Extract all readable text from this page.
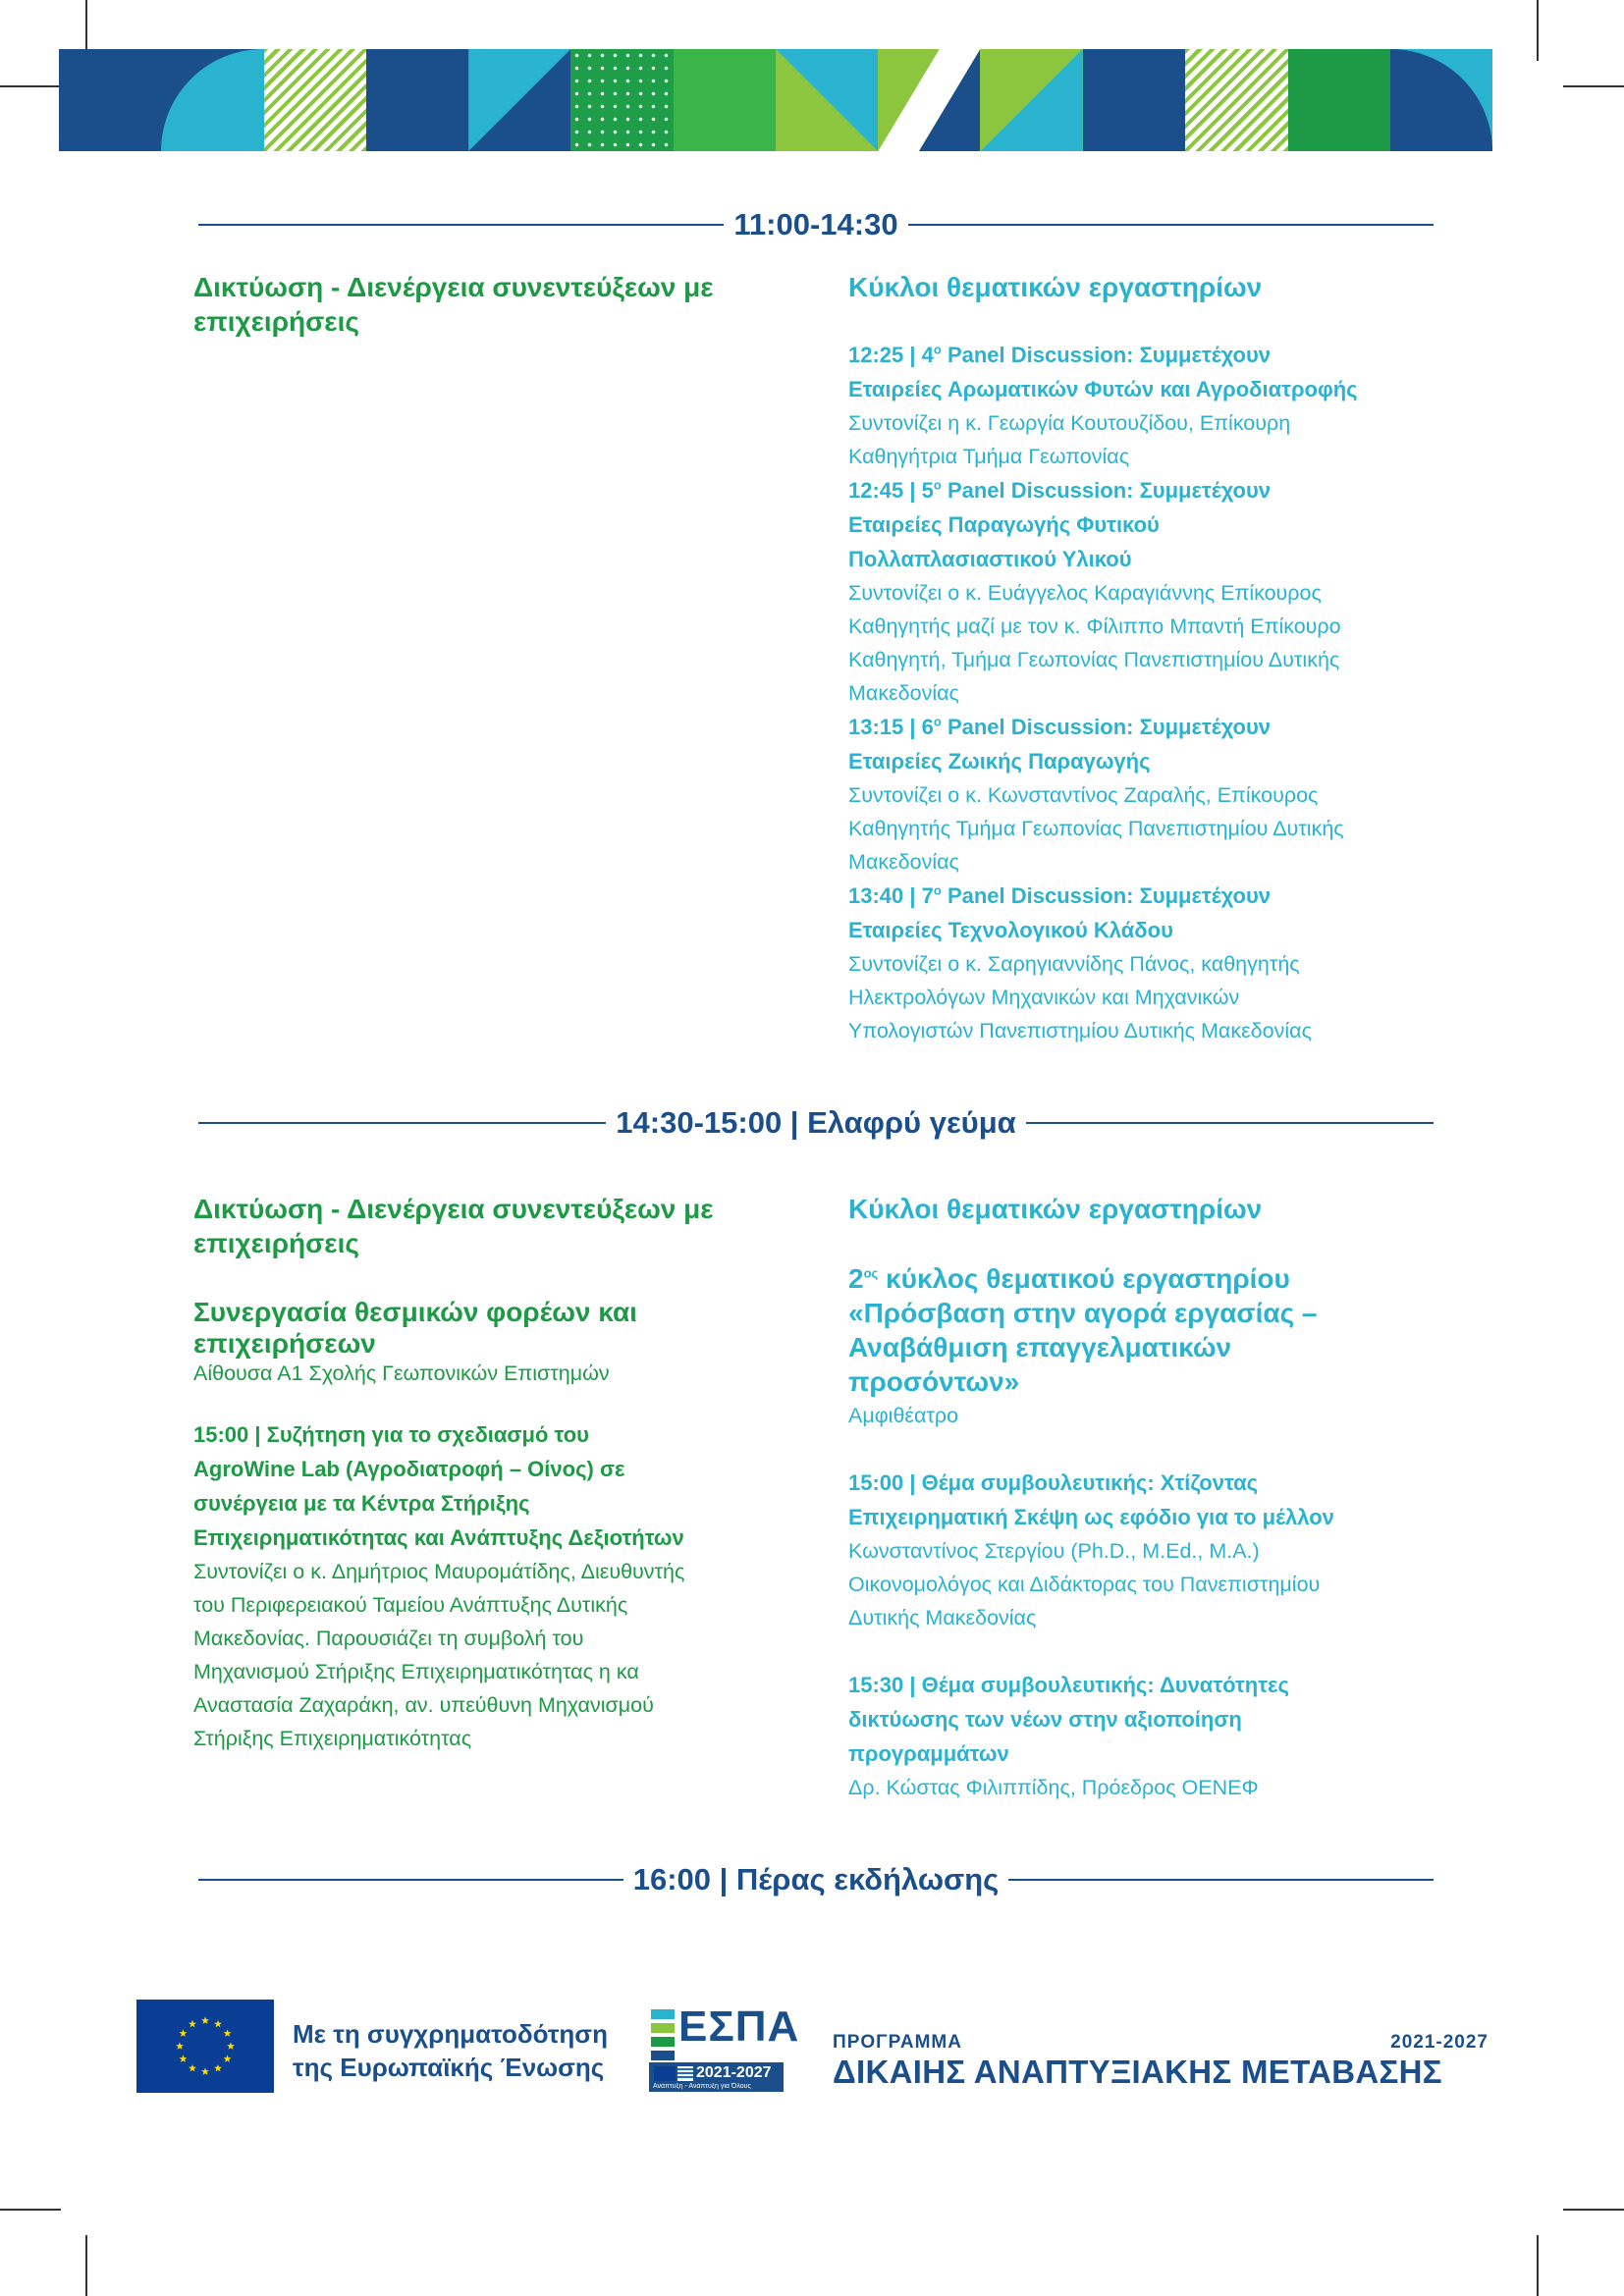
11:00-14:30
Δικτύωση - Διενέργεια συνεντεύξεων με
επιχειρήσεις
Κύκλοι θεματικών εργαστηρίων
12:25 | $4^o$ Panel Discussion: Συμμετέχουν
Εταιρείες Αρωματικών Φυτών και Αγροδιατροφής
Συντονίζει η κ. Γεωργία Κουτουζίδου, Επίκουρη
Καθηγήτρια Τμήμα Γεωπονίας
12:45 | $5^o$ Panel Discussion: Συμμετέχουν
Εταιρείες Παραγωγής Φυτικού
Πολλαπλασιαστικού Υλικού
Συντονίζει ο κ. Ευάγγελος Καραγιάννης Επίκουρος
Καθηγητής μαζί με τον κ. Φίλιππο Μπαντή Επίκουρο
Καθηγητή, Τμήμα Γεωπονίας Πανεπιστημίου Δυτικής
Μακεδονίας
13:15 | $6^o$ Panel Discussion: Συμμετέχουν
Εταιρείες Ζωικής Παραγωγής
Συντονίζει ο κ. Κωνσταντίνος Ζαραλής, Επίκουρος
Καθηγητής Τμήμα Γεωπονίας Πανεπιστημίου Δυτικής
Μακεδονίας
13:40 | $7^o$ Panel Discussion: Συμμετέχουν
Εταιρείες Τεχνολογικού Κλάδου
Συντονίζει ο κ. Σαρηγιαννίδης Πάνος, καθηγητής
Ηλεκτρολόγων Μηχανικών και Μηχανικών
Υπολογιστών Πανεπιστημίου Δυτικής Μακεδονίας
14:30-15:00 | Ελαφρύ γεύμα
Δικτύωση - Διενέργεια συνεντεύξεων με
επιχειρήσεις
Συνεργασία θεσμικών φορέων και
επιχειρήσεων
Αίθουσα Α1 Σχολής Γεωπονικών Επιστημών
15:00 | Συζήτηση για το σχεδιασμό του
AgroWine Lab (Αγροδιατροφή – Οίνος) σε
συνέργεια με τα Κέντρα Στήριξης
Επιχειρηματικότητας και Ανάπτυξης Δεξιοτήτων
Συντονίζει ο κ. Δημήτριος Μαυρομάτίδης, Διευθυντής
του Περιφερειακού Ταμείου Ανάπτυξης Δυτικής
Μακεδονίας. Παρουσιάζει τη συμβολή του
Μηχανισμού Στήριξης Επιχειρηματικότητας η κα
Αναστασία Ζαχαράκη, αν. υπεύθυνη Μηχανισμού
Στήριξης Επιχειρηματικότητας
Κύκλοι θεματικών εργαστηρίων
$2^{o\varsigma}$ κύκλος θεματικού εργαστηρίου
«Πρόσβαση στην αγορά εργασίας –
Αναβάθμιση επαγγελματικών
προσόντων»
Αμφιθέατρο
15:00 | Θέμα συμβουλευτικής: Χτίζοντας
Επιχειρηματική Σκέψη ως εφόδιο για το μέλλον
Κωνσταντίνος Στεργίου (Ph.D., M.Ed., M.A.)
Οικονομολόγος και Διδάκτορας του Πανεπιστημίου
Δυτικής Μακεδονίας
15:30 | Θέμα συμβουλευτικής: Δυνατότητες
δικτύωσης των νέων στην αξιοποίηση
προγραμμάτων
Δρ. Κώστας Φιλιππίδης, Πρόεδρος ΟΕΝΕΦ
16:00 | Πέρας εκδήλωσης
Με τη συγχρηματοδότηση
της Ευρωπαϊκής Ένωσης
ΕΣΠΑ
2021-2027
Ανάπτυξη - Ανάπτυξη για Όλους
ΠΡΟΓΡΑΜΜΑ	2021-2027
ΔΙΚΑΙΗΣ ΑΝΑΠΤΥΞΙΑΚΗΣ ΜΕΤΑΒΑΣΗΣ
